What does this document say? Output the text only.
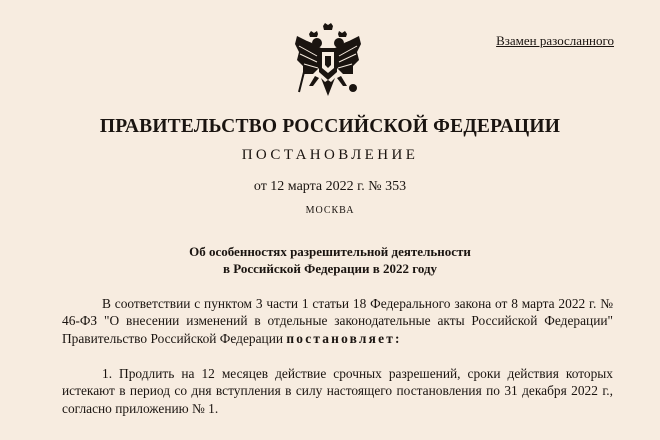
Взамен разосланного
ПРАВИТЕЛЬСТВО РОССИЙСКОЙ ФЕДЕРАЦИИ
ПОСТАНОВЛЕНИЕ
от 12 марта 2022 г. № 353
МОСКВА
Об особенностях разрешительной деятельности
в Российской Федерации в 2022 году
В соответствии с пунктом 3 части 1 статьи 18 Федерального закона от 8 марта 2022 г. № 46-ФЗ "О внесении изменений в отдельные законодательные акты Российской Федерации" Правительство Российской Федерации постановляет:
1. Продлить на 12 месяцев действие срочных разрешений, сроки действия которых истекают в период со дня вступления в силу настоящего постановления по 31 декабря 2022 г., согласно приложению № 1.
